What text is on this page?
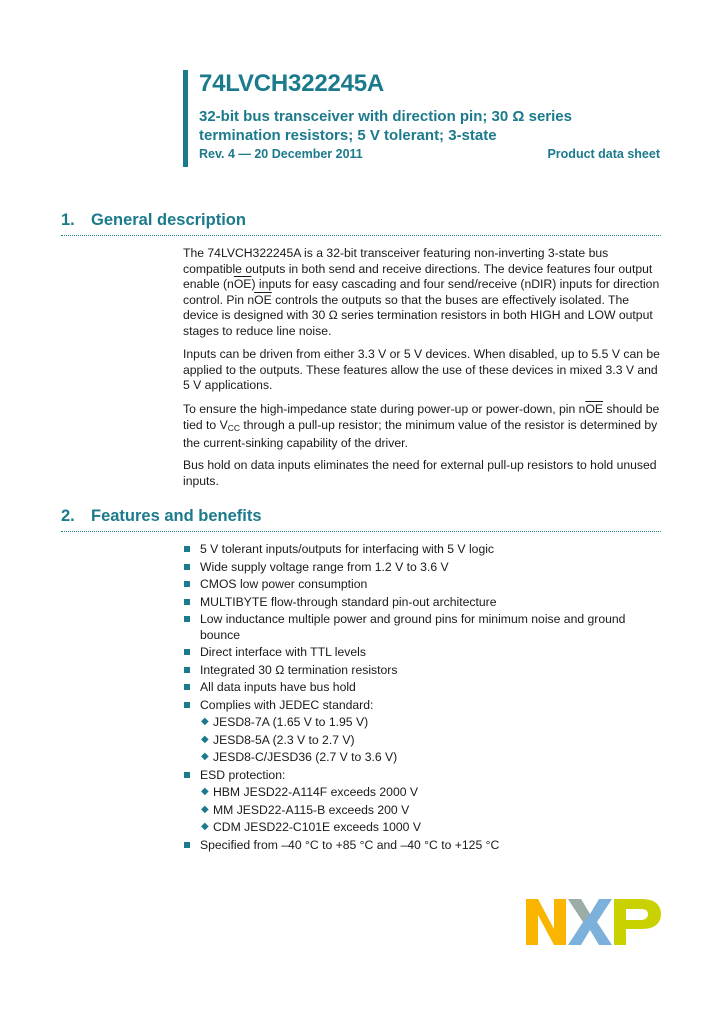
74LVCH322245A
32-bit bus transceiver with direction pin; 30 Ω series
termination resistors; 5 V tolerant; 3-state
Rev. 4 — 20 December 2011	Product data sheet
1. General description

The 74LVCH322245A is a 32-bit transceiver featuring non-inverting 3-state bus compatible outputs in both send and receive directions. The device features four output enable $(n\overline{OE})$ inputs for easy cascading and four send/receive (nDIR) inputs for direction control. Pin $n\overline{OE}$ controls the outputs so that the buses are effectively isolated. The device is designed with 30 Ω series termination resistors in both HIGH and LOW output stages to reduce line noise.

Inputs can be driven from either 3.3 V or 5 V devices. When disabled, up to 5.5 V can be applied to the outputs. These features allow the use of these devices in mixed 3.3 V and 5 V applications.

To ensure the high-impedance state during power-up or power-down, pin $n\overline{OE}$ should be tied to $V_{CC}$ through a pull-up resistor; the minimum value of the resistor is determined by the current-sinking capability of the driver.

Bus hold on data inputs eliminates the need for external pull-up resistors to hold unused inputs.

2. Features and benefits
5 V tolerant inputs/outputs for interfacing with 5 V logic
Wide supply voltage range from 1.2 V to 3.6 V
CMOS low power consumption
MULTIBYTE flow-through standard pin-out architecture
Low inductance multiple power and ground pins for minimum noise and ground bounce
Direct interface with TTL levels
Integrated 30 Ω termination resistors
All data inputs have bus hold
Complies with JEDEC standard:
◆ JESD8-7A (1.65 V to 1.95 V)
◆ JESD8-5A (2.3 V to 2.7 V)
◆ JESD8-C/JESD36 (2.7 V to 3.6 V)
ESD protection:
◆ HBM JESD22-A114F exceeds 2000 V
◆ MM JESD22-A115-B exceeds 200 V
◆ CDM JESD22-C101E exceeds 1000 V
Specified from –40 °C to +85 °C and –40 °C to +125 °C
